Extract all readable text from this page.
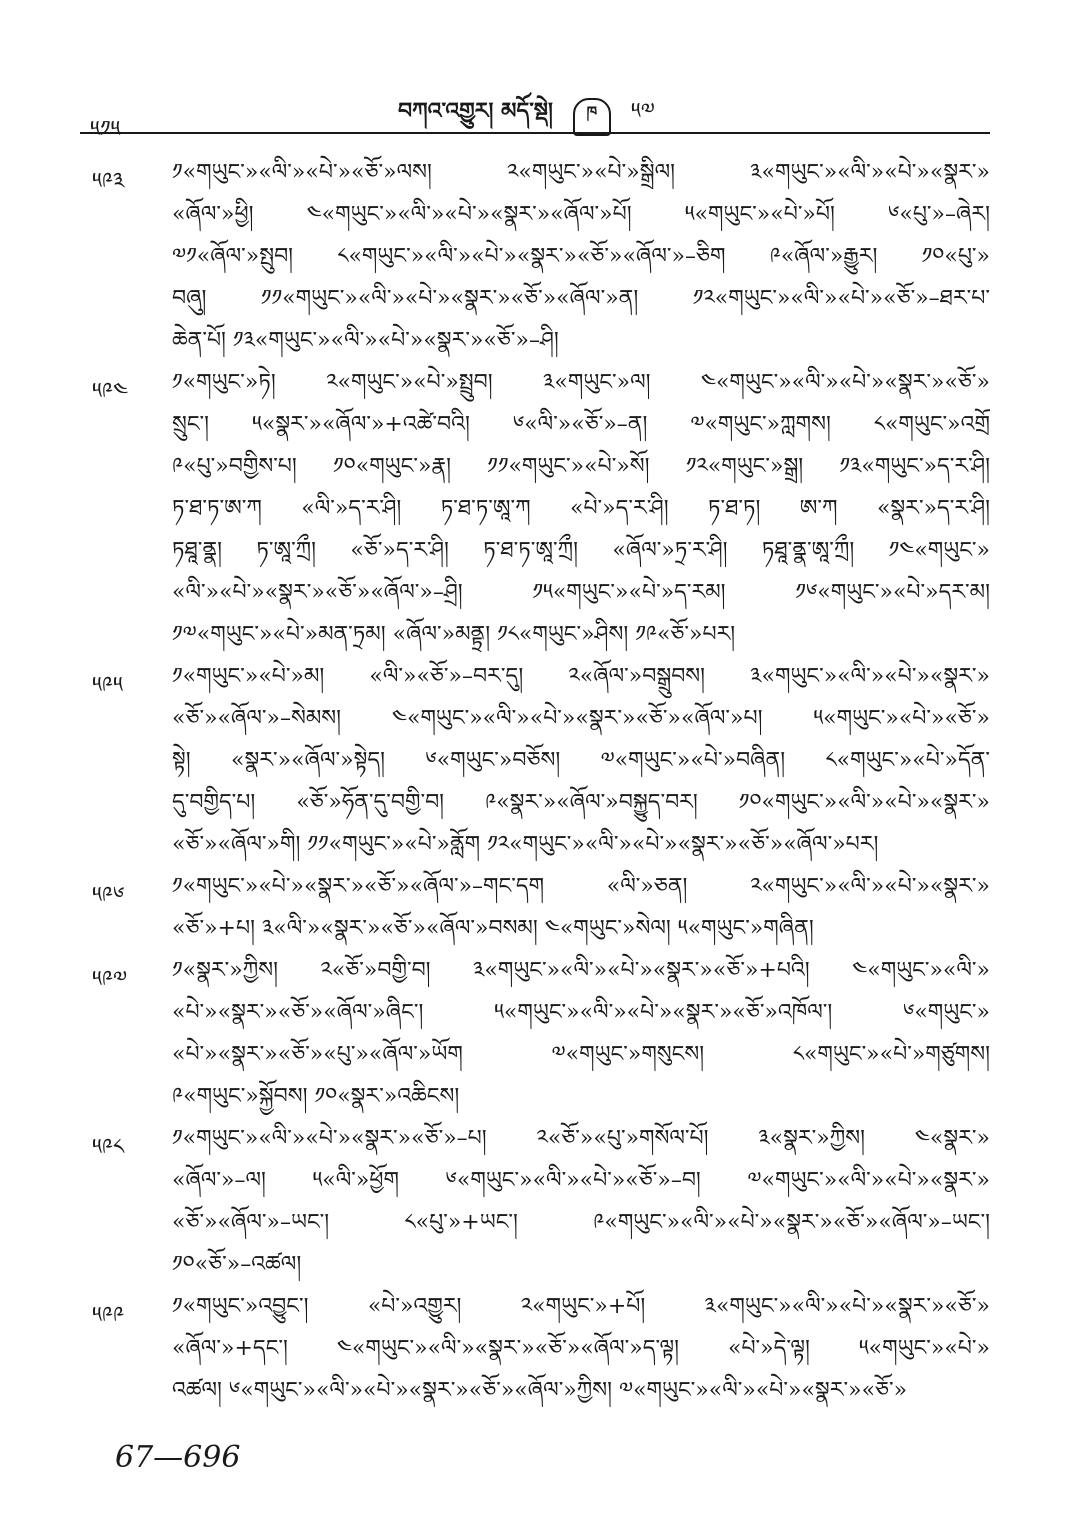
༥༡༥
བཀའ་འགྱུར། མདོ་སྡེ། ཁ ༥༧
༥༩༣	༡«གཡུང་»«ལི་»«པེ་»«ཅོ་»ལས། ༢«གཡུང་»«པེ་»སྒྲིལ། ༣«གཡུང་»«ལི་»«པེ་»«སྣར་»
«ཞོལ་»ཕྱི། ༤«གཡུང་»«ལི་»«པེ་»«སྣར་»«ཞོལ་»པོ། ༥«གཡུང་»«པེ་»པོ། ༦«པུ་»–ཞེར།
༧༡«ཞོལ་»སྤུབ། ༨«གཡུང་»«ལི་»«པེ་»«སྣར་»«ཅོ་»«ཞོལ་»–ཅིག ༩«ཞོལ་»རྒྱུར། ༡༠«པུ་»
བཞུ། ༡༡«གཡུང་»«ལི་»«པེ་»«སྣར་»«ཅོ་»«ཞོལ་»ན། ༡༢«གཡུང་»«ལི་»«པེ་»«ཅོ་»–ཐར་པ་
ཆེན་པོ། ༡༣«གཡུང་»«ལི་»«པེ་»«སྣར་»«ཅོ་»–ཤི།
༥༩༤	༡«གཡུང་»ཏེ། ༢«གཡུང་»«པེ་»སྤྲུབ། ༣«གཡུང་»ལ། ༤«གཡུང་»«ལི་»«པེ་»«སྣར་»«ཅོ་»
སྲུང་། ༥«སྣར་»«ཞོལ་»+འཚེ་བའི། ༦«ལི་»«ཅོ་»–ན། ༧«གཡུང་»ཀླགས། ༨«གཡུང་»འགྲོ
༩«པུ་»བགྱིས་པ། ༡༠«གཡུང་»རྣ། ༡༡«གཡུང་»«པེ་»སོ། ༡༢«གཡུང་»སྒྲ། ༡༣«གཡུང་»ད་ར་ཤི།
ཏ་ཐ་ཏ་ཨ་ཀ «ལི་»ད་ར་ཤི། ཏ་ཐ་ཏ་ཨཱ་ཀ «པེ་»ད་ར་ཤི། ཏ་ཐ་ཏ། ཨ་ཀ «སྣར་»ད་ར་ཤི།
ཏཐཱ་ནྣ། ཏ་ཨཱ་ཀྲྀ། «ཅོ་»ད་ར་ཤི། ཏ་ཐ་ཏ་ཨཱ་ཀྲྀ། «ཞོལ་»ཏྲ་ར་ཤི། ཏཐཱ་ནྣ་ཨཱ་ཀྲྀ། ༡༤«གཡུང་»
«ལི་»«པེ་»«སྣར་»«ཅོ་»«ཞོལ་»–ཤྲི། ༡༥«གཡུང་»«པེ་»ད་རམ། ༡༦«གཡུང་»«པེ་»དར་མ།
༡༧«གཡུང་»«པེ་»མན་ཏྲམ། «ཞོལ་»མནྟྲ། ༡༨«གཡུང་»ཤིས། ༡༩«ཅོ་»པར།
༥༩༥	༡«གཡུང་»«པེ་»མ། «ལི་»«ཅོ་»–བར་དུ། ༢«ཞོལ་»བསྒྲུབས། ༣«གཡུང་»«ལི་»«པེ་»«སྣར་»
«ཅོ་»«ཞོལ་»–སེམས། ༤«གཡུང་»«ལི་»«པེ་»«སྣར་»«ཅོ་»«ཞོལ་»པ། ༥«གཡུང་»«པེ་»«ཅོ་»
སྟེ། «སྣར་»«ཞོལ་»སྟེད། ༦«གཡུང་»བཅོས། ༧«གཡུང་»«པེ་»བཞིན། ༨«གཡུང་»«པེ་»དོན་
དུ་བགྱིད་པ། «ཅོ་»ཧོན་དུ་བགྱི་བ། ༩«སྣར་»«ཞོལ་»བསྐྱུད་བར། ༡༠«གཡུང་»«ལི་»«པེ་»«སྣར་»
«ཅོ་»«ཞོལ་»གི། ༡༡«གཡུང་»«པེ་»ནློག ༡༢«གཡུང་»«ལི་»«པེ་»«སྣར་»«ཅོ་»«ཞོལ་»པར།
༥༩༦	༡«གཡུང་»«པེ་»«སྣར་»«ཅོ་»«ཞོལ་»–གང་དག «ལི་»ཅན། ༢«གཡུང་»«ལི་»«པེ་»«སྣར་»
«ཅོ་»+པ། ༣«ལི་»«སྣར་»«ཅོ་»«ཞོལ་»བསམ། ༤«གཡུང་»སེལ། ༥«གཡུང་»གཞིན།
༥༩༧	༡«སྣར་»ཀྱིས། ༢«ཅོ་»བགྱི་བ། ༣«གཡུང་»«ལི་»«པེ་»«སྣར་»«ཅོ་»+པའི། ༤«གཡུང་»«ལི་»
«པེ་»«སྣར་»«ཅོ་»«ཞོལ་»ཞིང་། ༥«གཡུང་»«ལི་»«པེ་»«སྣར་»«ཅོ་»འཁོལ་། ༦«གཡུང་»
«པེ་»«སྣར་»«ཅོ་»«པུ་»«ཞོལ་»ཡོག ༧«གཡུང་»གསུངས། ༨«གཡུང་»«པེ་»གཙུགས།
༩«གཡུང་»སྐྱོབས། ༡༠«སྣར་»འཆིངས།
༥༩༨	༡«གཡུང་»«ལི་»«པེ་»«སྣར་»«ཅོ་»–པ། ༢«ཅོ་»«པུ་»གསོལ་པོ། ༣«སྣར་»ཀྱིས། ༤«སྣར་»
«ཞོལ་»–ལ། ༥«ལི་»ཕྱོག ༦«གཡུང་»«ལི་»«པེ་»«ཅོ་»–བ། ༧«གཡུང་»«ལི་»«པེ་»«སྣར་»
«ཅོ་»«ཞོལ་»–ཡང་། ༨«པུ་»+ཡང་། ༩«གཡུང་»«ལི་»«པེ་»«སྣར་»«ཅོ་»«ཞོལ་»–ཡང་།
༡༠«ཅོ་»–འཚལ།
༥༩༩	༡«གཡུང་»འབྱུང་། «པེ་»འགྱུར། ༢«གཡུང་»+པོ། ༣«གཡུང་»«ལི་»«པེ་»«སྣར་»«ཅོ་»
«ཞོལ་»+དང་། ༤«གཡུང་»«ལི་»«སྣར་»«ཅོ་»«ཞོལ་»ད་ལྟ། «པེ་»དེ་ལྟ། ༥«གཡུང་»«པེ་»
འཚལ། ༦«གཡུང་»«ལི་»«པེ་»«སྣར་»«ཅོ་»«ཞོལ་»ཀྱིས། ༧«གཡུང་»«ལི་»«པེ་»«སྣར་»«ཅོ་»
67—696
